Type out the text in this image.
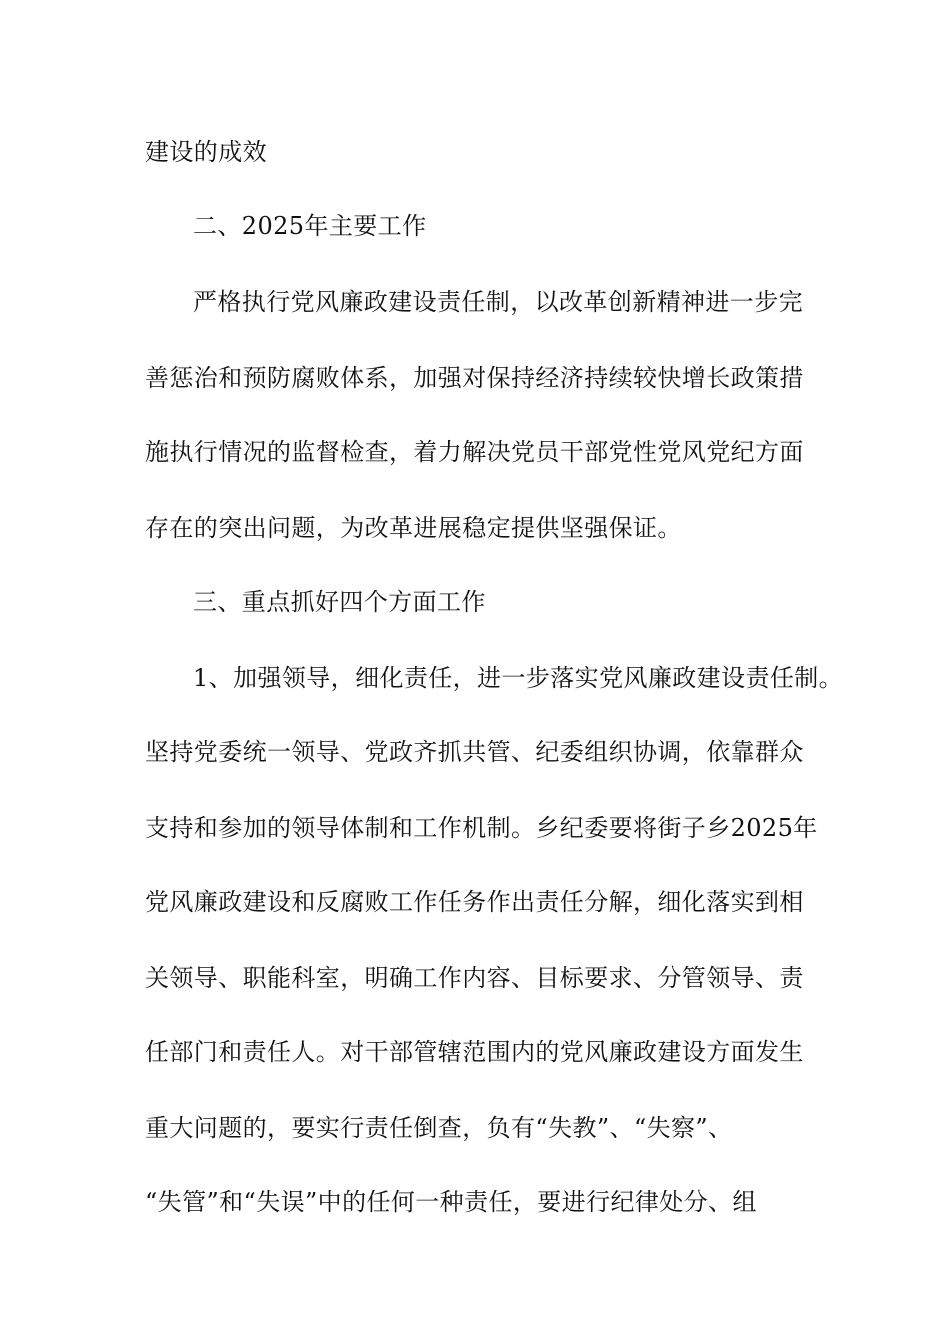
建设的成效
二、2025年主要工作
严格执行党风廉政建设责任制，以改革创新精神进一步完
善惩治和预防腐败体系，加强对保持经济持续较快增长政策措
施执行情况的监督检查，着力解决党员干部党性党风党纪方面
存在的突出问题，为改革进展稳定提供坚强保证。
三、重点抓好四个方面工作
1、加强领导，细化责任，进一步落实党风廉政建设责任制。
坚持党委统一领导、党政齐抓共管、纪委组织协调，依靠群众
支持和参加的领导体制和工作机制。乡纪委要将街子乡2025年
党风廉政建设和反腐败工作任务作出责任分解，细化落实到相
关领导、职能科室，明确工作内容、目标要求、分管领导、责
任部门和责任人。对干部管辖范围内的党风廉政建设方面发生
重大问题的，要实行责任倒查，负有“失教”、“失察”、
“失管”和“失误”中的任何一种责任，要进行纪律处分、组
